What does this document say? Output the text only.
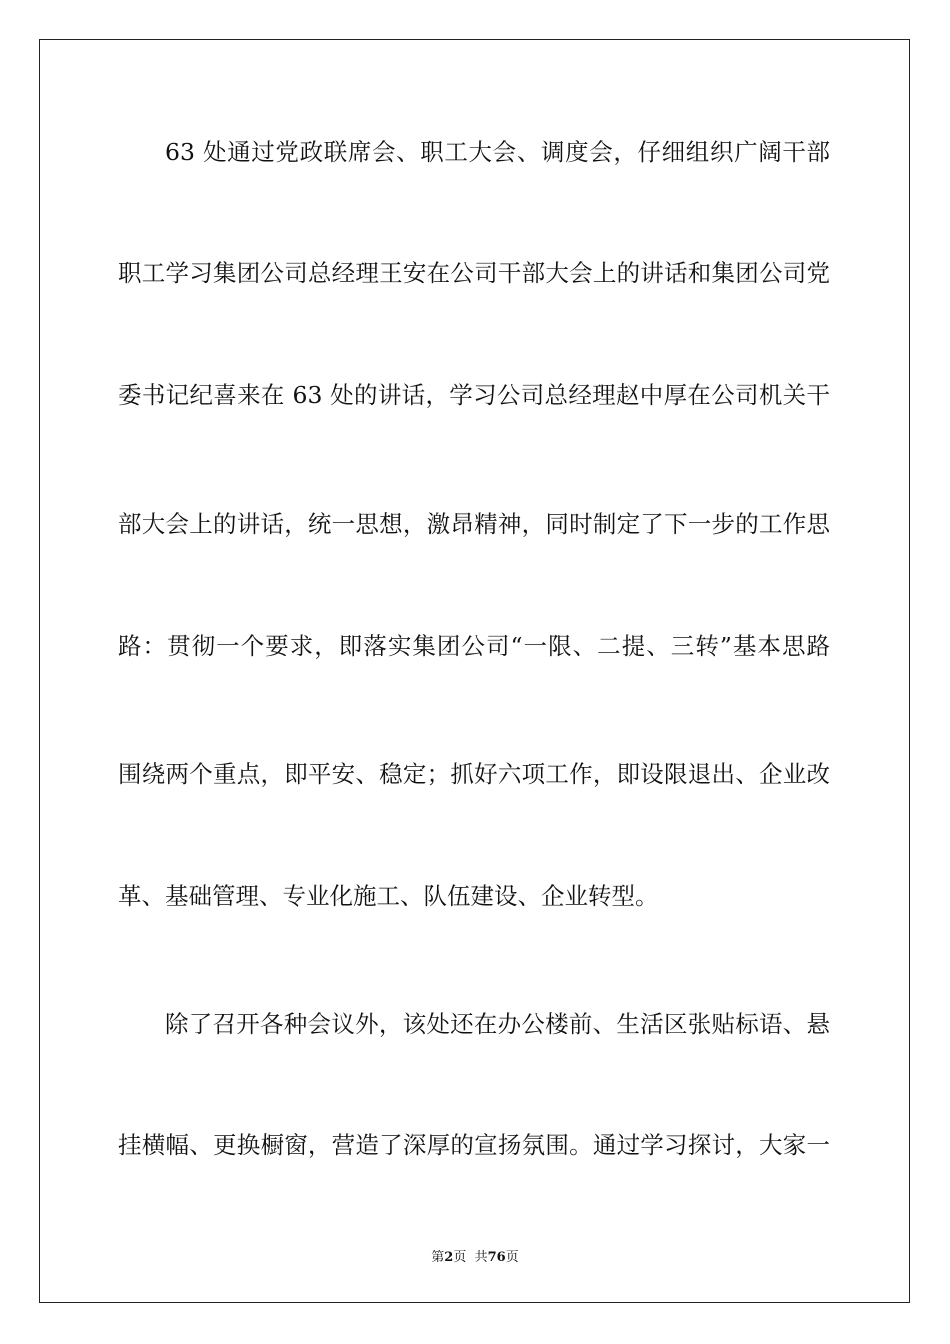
63 处通过党政联席会、职工大会、调度会，仔细组织广阔干部
职工学习集团公司总经理王安在公司干部大会上的讲话和集团公司党
委书记纪喜来在 63 处的讲话，学习公司总经理赵中厚在公司机关干
部大会上的讲话，统一思想，激昂精神，同时制定了下一步的工作思
路：贯彻一个要求，即落实集团公司“一限、二提、三转”基本思路
围绕两个重点，即平安、稳定；抓好六项工作，即设限退出、企业改
革、基础管理、专业化施工、队伍建设、企业转型。
除了召开各种会议外，该处还在办公楼前、生活区张贴标语、悬
挂横幅、更换橱窗，营造了深厚的宣扬氛围。通过学习探讨，大家一
第2页  共76页
